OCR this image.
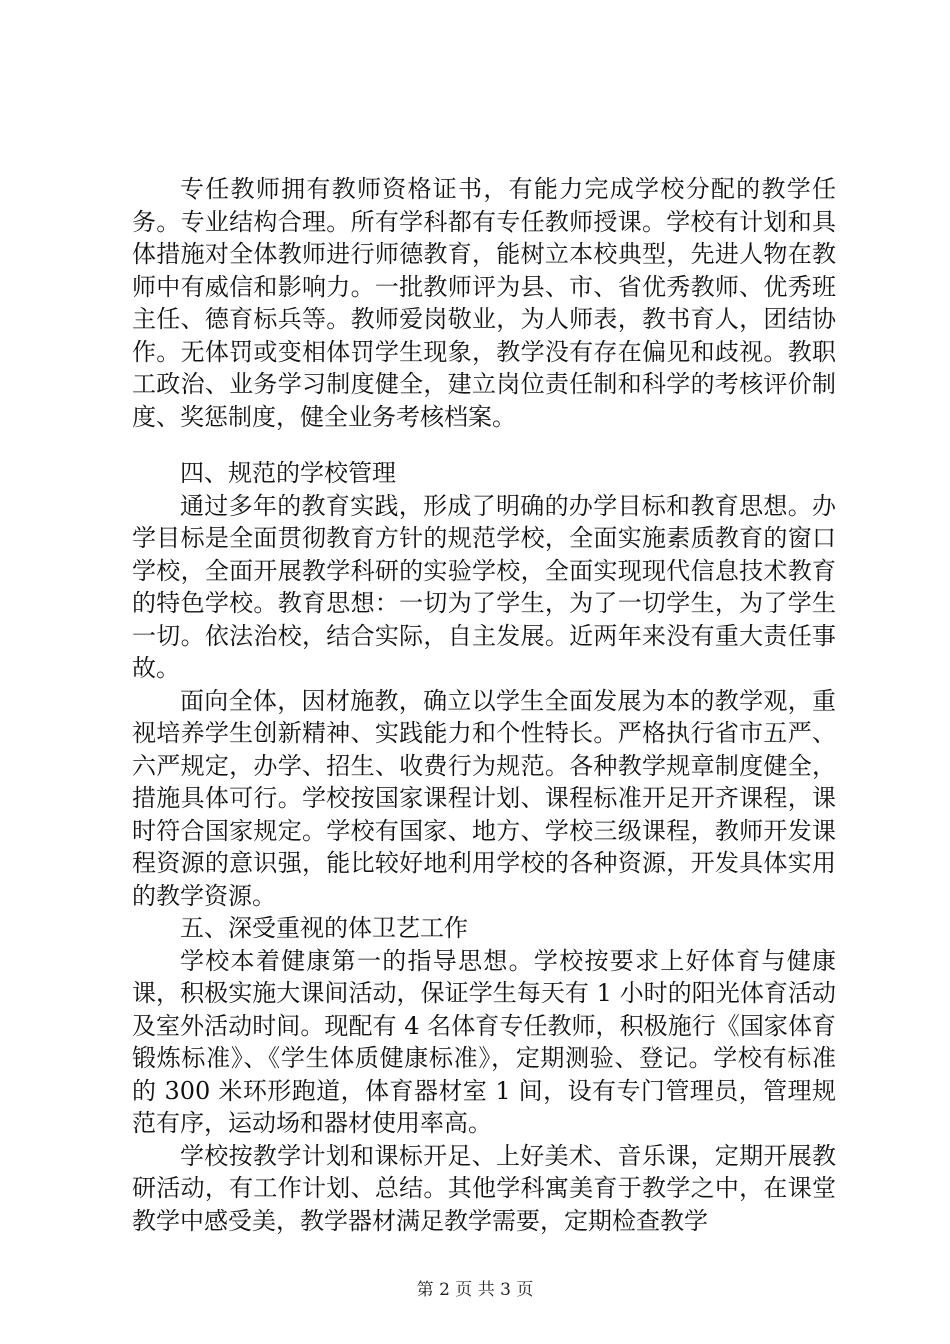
专任教师拥有教师资格证书，有能力完成学校分配的教学任务。专业结构合理。所有学科都有专任教师授课。学校有计划和具体措施对全体教师进行师德教育，能树立本校典型，先进人物在教师中有威信和影响力。一批教师评为县、市、省优秀教师、优秀班主任、德育标兵等。教师爱岗敬业，为人师表，教书育人，团结协作。无体罚或变相体罚学生现象，教学没有存在偏见和歧视。教职工政治、业务学习制度健全，建立岗位责任制和科学的考核评价制度、奖惩制度，健全业务考核档案。

四、规范的学校管理

通过多年的教育实践，形成了明确的办学目标和教育思想。办学目标是全面贯彻教育方针的规范学校，全面实施素质教育的窗口学校，全面开展教学科研的实验学校，全面实现现代信息技术教育的特色学校。教育思想：一切为了学生，为了一切学生，为了学生一切。依法治校，结合实际，自主发展。近两年来没有重大责任事故。

面向全体，因材施教，确立以学生全面发展为本的教学观，重视培养学生创新精神、实践能力和个性特长。严格执行省市五严、六严规定，办学、招生、收费行为规范。各种教学规章制度健全，措施具体可行。学校按国家课程计划、课程标准开足开齐课程，课时符合国家规定。学校有国家、地方、学校三级课程，教师开发课程资源的意识强，能比较好地利用学校的各种资源，开发具体实用的教学资源。

五、深受重视的体卫艺工作

学校本着健康第一的指导思想。学校按要求上好体育与健康课，积极实施大课间活动，保证学生每天有 1 小时的阳光体育活动及室外活动时间。现配有 4 名体育专任教师，积极施行《国家体育锻炼标准》、《学生体质健康标准》，定期测验、登记。学校有标准的 300 米环形跑道，体育器材室 1 间，设有专门管理员，管理规范有序，运动场和器材使用率高。

学校按教学计划和课标开足、上好美术、音乐课，定期开展教研活动，有工作计划、总结。其他学科寓美育于教学之中，在课堂教学中感受美，教学器材满足教学需要，定期检查教学

第 2 页 共 3 页
